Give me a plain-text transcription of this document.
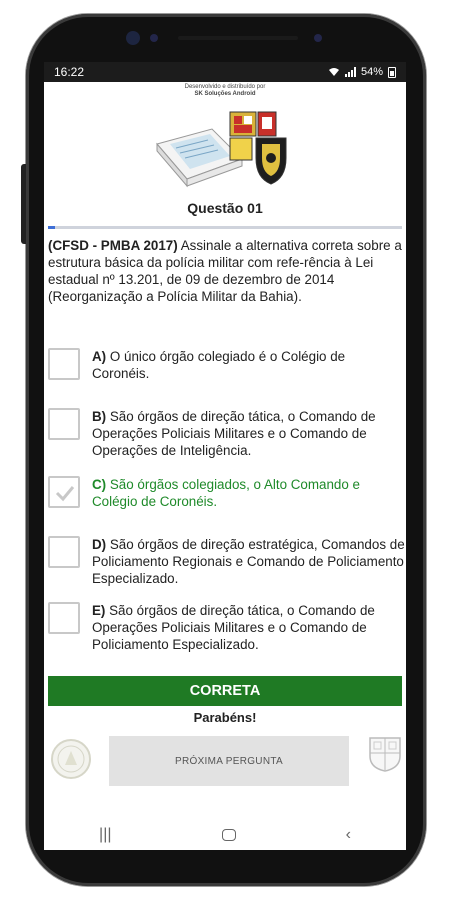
16:22	54%
Desenvolvido e distribuído por
SK Soluções Android
Questão 01
(CFSD - PMBA 2017) Assinale a alternativa correta sobre a estrutura básica da polícia militar com refe-rência à Lei estadual nº 13.201, de 09 de dezembro de 2014 (Reorganização a Polícia Militar da Bahia).
A) O único órgão colegiado é o Colégio de Coronéis.
B) São órgãos de direção tática, o Comando de Operações Policiais Militares e o Comando de Operações de Inteligência.
C) São órgãos colegiados, o Alto Comando e Colégio de Coronéis.
D) São órgãos de direção estratégica, Comandos de Policiamento Regionais e Comando de Policiamento Especializado.
E) São órgãos de direção tática, o Comando de Operações Policiais Militares e o Comando de Policiamento Especializado.
CORRETA
Parabéns!
PRÓXIMA PERGUNTA
|||	‹
